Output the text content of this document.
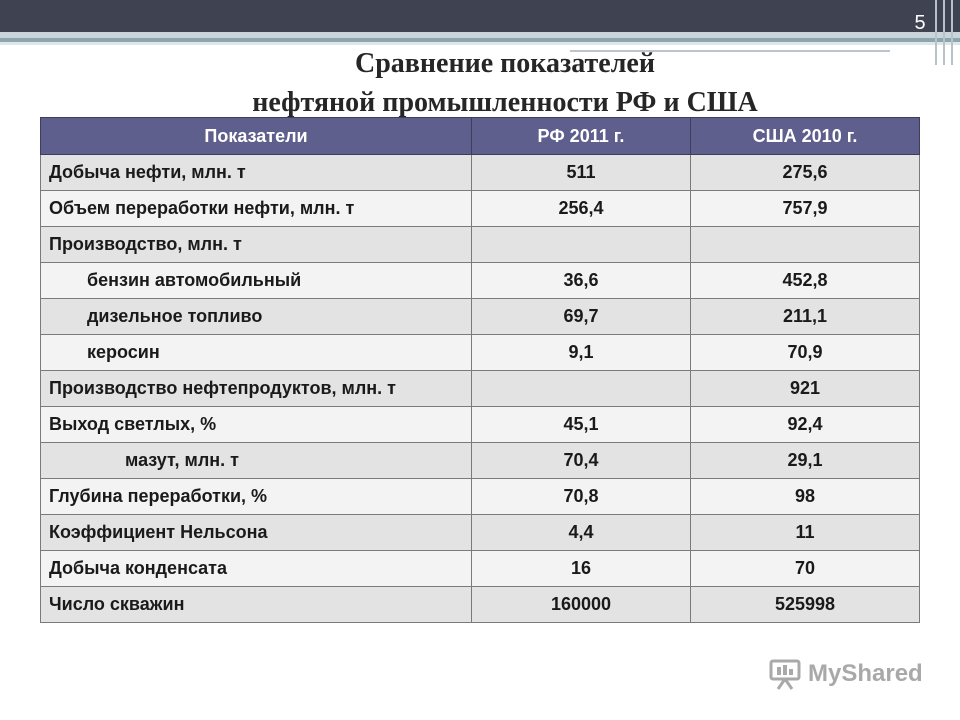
5
Сравнение показателей
нефтяной промышленности РФ и США
Показатели	РФ 2011 г.	США 2010 г.
Добыча нефти, млн. т	511	275,6
Объем переработки нефти, млн. т	256,4	757,9
Производство, млн. т		
бензин автомобильный	36,6	452,8
дизельное топливо	69,7	211,1
керосин	9,1	70,9
Производство нефтепродуктов, млн. т		921
Выход светлых, %	45,1	92,4
мазут, млн. т	70,4	29,1
Глубина переработки, %	70,8	98
Коэффициент Нельсона	4,4	11
Добыча конденсата	16	70
Число скважин	160000	525998
MyShared
